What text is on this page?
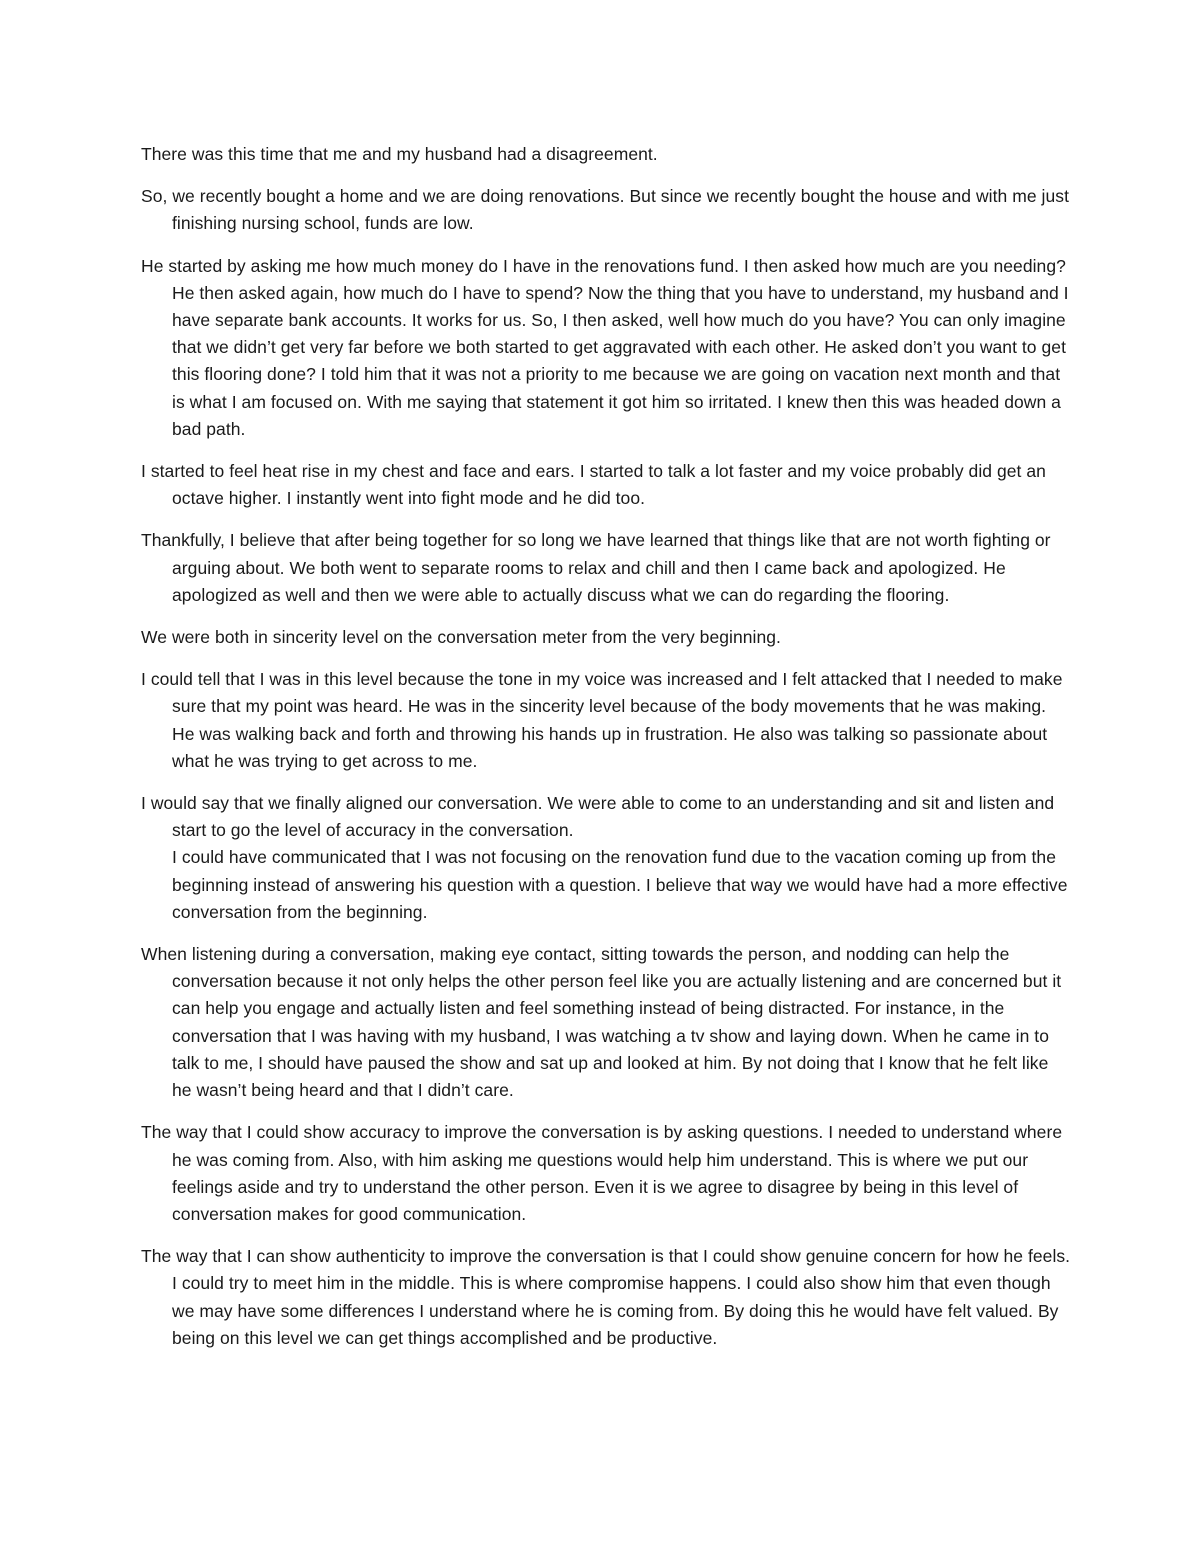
There was this time that me and my husband had a disagreement.

So, we recently bought a home and we are doing renovations. But since we recently bought the house and with me just finishing nursing school, funds are low.

He started by asking me how much money do I have in the renovations fund. I then asked how much are you needing? He then asked again, how much do I have to spend? Now the thing that you have to understand, my husband and I have separate bank accounts. It works for us. So, I then asked, well how much do you have? You can only imagine that we didn’t get very far before we both started to get aggravated with each other. He asked don’t you want to get this flooring done? I told him that it was not a priority to me because we are going on vacation next month and that is what I am focused on. With me saying that statement it got him so irritated. I knew then this was headed down a bad path.

I started to feel heat rise in my chest and face and ears. I started to talk a lot faster and my voice probably did get an octave higher. I instantly went into fight mode and he did too.

Thankfully, I believe that after being together for so long we have learned that things like that are not worth fighting or arguing about. We both went to separate rooms to relax and chill and then I came back and apologized. He apologized as well and then we were able to actually discuss what we can do regarding the flooring.

We were both in sincerity level on the conversation meter from the very beginning.

I could tell that I was in this level because the tone in my voice was increased and I felt attacked that I needed to make sure that my point was heard. He was in the sincerity level because of the body movements that he was making. He was walking back and forth and throwing his hands up in frustration. He also was talking so passionate about what he was trying to get across to me.

I would say that we finally aligned our conversation. We were able to come to an understanding and sit and listen and start to go the level of accuracy in the conversation.

I could have communicated that I was not focusing on the renovation fund due to the vacation coming up from the beginning instead of answering his question with a question. I believe that way we would have had a more effective conversation from the beginning.

When listening during a conversation, making eye contact, sitting towards the person, and nodding can help the conversation because it not only helps the other person feel like you are actually listening and are concerned but it can help you engage and actually listen and feel something instead of being distracted. For instance, in the conversation that I was having with my husband, I was watching a tv show and laying down. When he came in to talk to me, I should have paused the show and sat up and looked at him. By not doing that I know that he felt like he wasn’t being heard and that I didn’t care.

The way that I could show accuracy to improve the conversation is by asking questions. I needed to understand where he was coming from. Also, with him asking me questions would help him understand. This is where we put our feelings aside and try to understand the other person. Even it is we agree to disagree by being in this level of conversation makes for good communication.

The way that I can show authenticity to improve the conversation is that I could show genuine concern for how he feels. I could try to meet him in the middle. This is where compromise happens. I could also show him that even though we may have some differences I understand where he is coming from. By doing this he would have felt valued. By being on this level we can get things accomplished and be productive.
